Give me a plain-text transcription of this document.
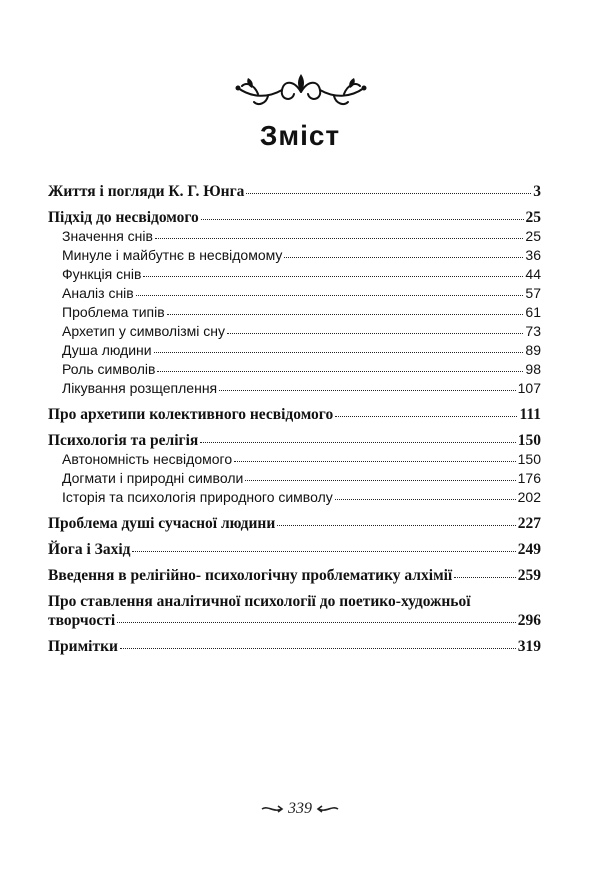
Зміст
Життя і погляди К. Г. Юнга	3
Підхід до несвідомого	25
Значення снів	25
Минуле і майбутнє в несвідомому	36
Функція снів	44
Аналіз снів	57
Проблема типів	61
Архетип у символізмі сну	73
Душа людини	89
Роль символів	98
Лікування розщеплення	107
Про архетипи колективного несвідомого	111
Психологія та релігія	150
Автономність несвідомого	150
Догмати і природні символи	176
Історія та психологія природного символу	202
Проблема душі сучасної людини	227
Йога і Захід	249
Введення в релігійно- психологічну проблематику алхімії	259
Про ставлення аналітичної психології до поетико-художньої
творчості	296
Примітки	319
339
